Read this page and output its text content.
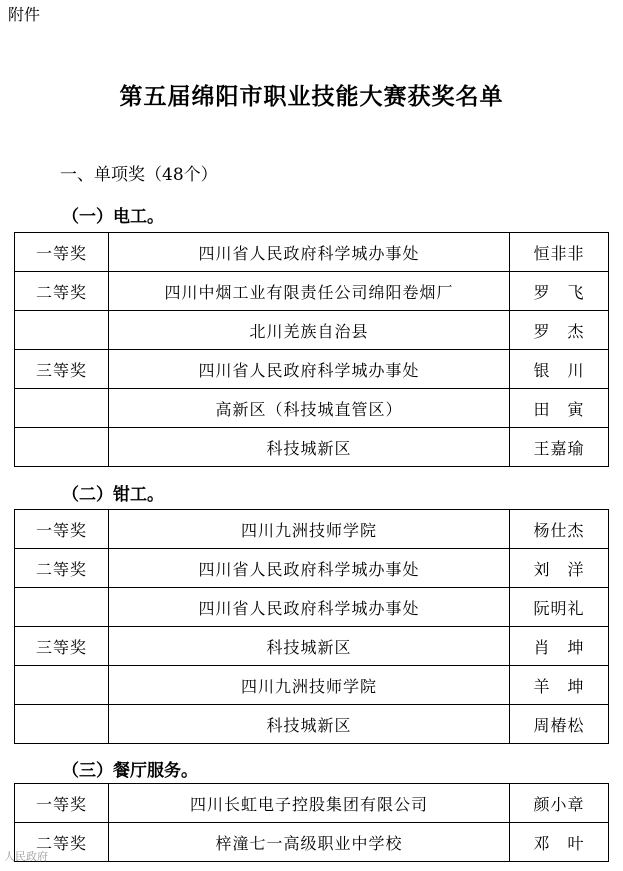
附件
第五届绵阳市职业技能大赛获奖名单
一、单项奖（48个）
（一）电工。
一等奖	四川省人民政府科学城办事处	恒非非
二等奖	四川中烟工业有限责任公司绵阳卷烟厂	罗　飞
	北川羌族自治县	罗　杰
三等奖	四川省人民政府科学城办事处	银　川
	高新区（科技城直管区）	田　寅
	科技城新区	王嘉瑜
（二）钳工。
一等奖	四川九洲技师学院	杨仕杰
二等奖	四川省人民政府科学城办事处	刘　洋
	四川省人民政府科学城办事处	阮明礼
三等奖	科技城新区	肖　坤
	四川九洲技师学院	羊　坤
	科技城新区	周椿松
（三）餐厅服务。
一等奖	四川长虹电子控股集团有限公司	颜小章
二等奖	梓潼七一高级职业中学校	邓　叶
人民政府
